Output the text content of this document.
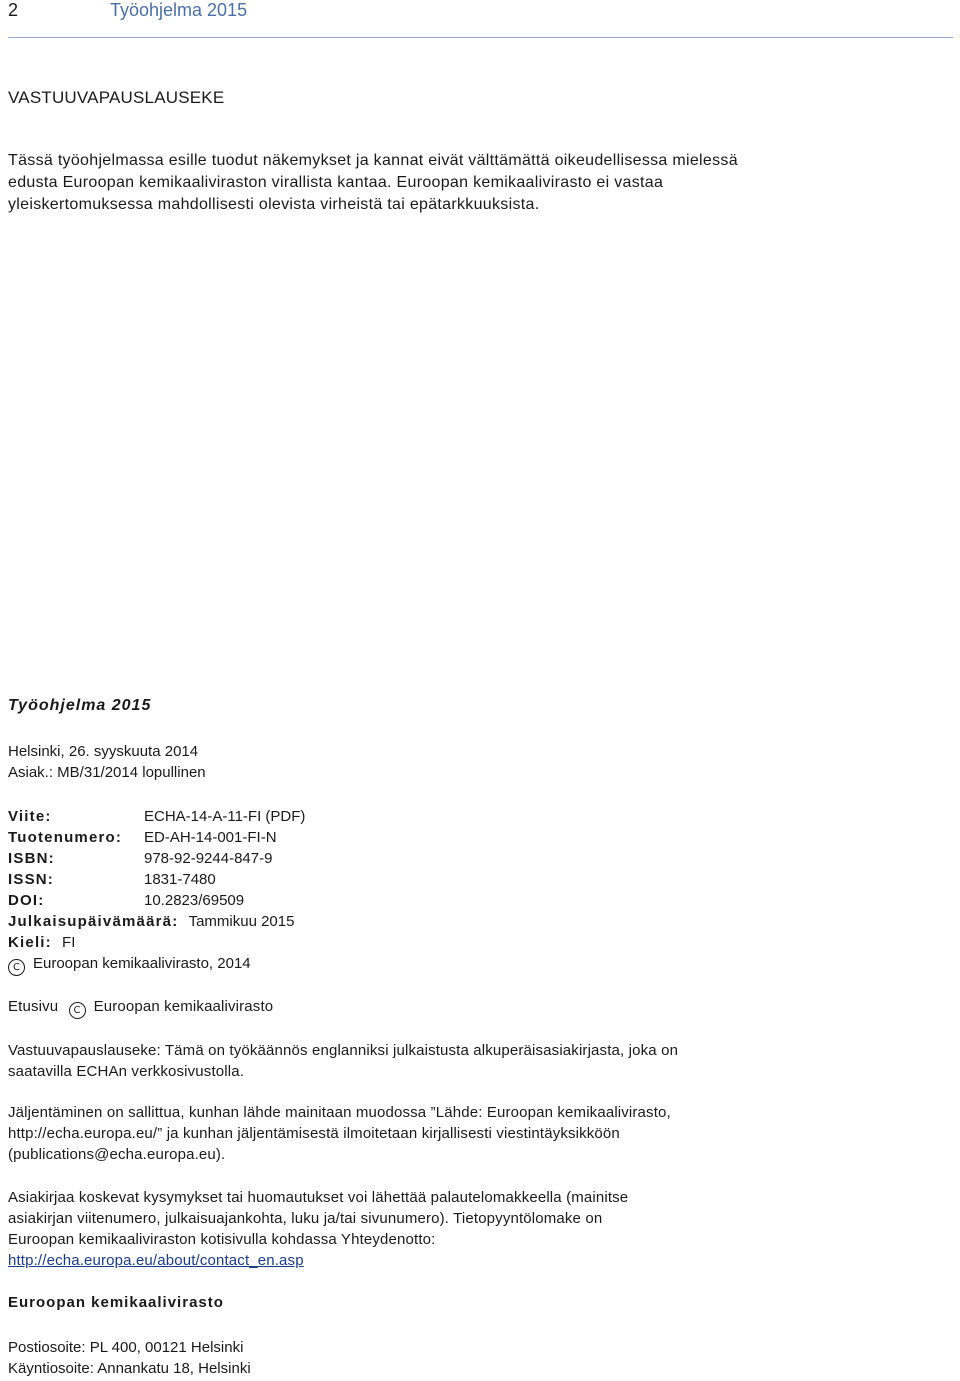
2	Työohjelma 2015
VASTUUVAPAUSLAUSEKE
Tässä työohjelmassa esille tuodut näkemykset ja kannat eivät välttämättä oikeudellisessa mielessä
edusta Euroopan kemikaaliviraston virallista kantaa. Euroopan kemikaalivirasto ei vastaa
yleiskertomuksessa mahdollisesti olevista virheistä tai epätarkkuuksista.
Työohjelma 2015
Helsinki, 26. syyskuuta 2014
Asiak.: MB/31/2014 lopullinen
Viite:	ECHA-14-A-11-FI (PDF)
Tuotenumero: ED-AH-14-001-FI-N
ISBN:	978-92-9244-847-9
ISSN:	1831-7480
DOI:	10.2823/69509
Julkaisupäivämäärä: Tammikuu 2015
Kieli: FI
C Euroopan kemikaalivirasto, 2014
Etusivu C Euroopan kemikaalivirasto
Vastuuvapauslauseke: Tämä on työkäännös englanniksi julkaistusta alkuperäisasiakirjasta, joka on
saatavilla ECHAn verkkosivustolla.
Jäljentäminen on sallittua, kunhan lähde mainitaan muodossa ”Lähde: Euroopan kemikaalivirasto,
http://echa.europa.eu/” ja kunhan jäljentämisestä ilmoitetaan kirjallisesti viestintäyksikköön
(publications@echa.europa.eu).
Asiakirjaa koskevat kysymykset tai huomautukset voi lähettää palautelomakkeella (mainitse
asiakirjan viitenumero, julkaisuajankohta, luku ja/tai sivunumero). Tietopyyntölomake on
Euroopan kemikaaliviraston kotisivulla kohdassa Yhteydenotto:
http://echa.europa.eu/about/contact_en.asp
Euroopan kemikaalivirasto
Postiosoite: PL 400, 00121 Helsinki
Käyntiosoite: Annankatu 18, Helsinki
